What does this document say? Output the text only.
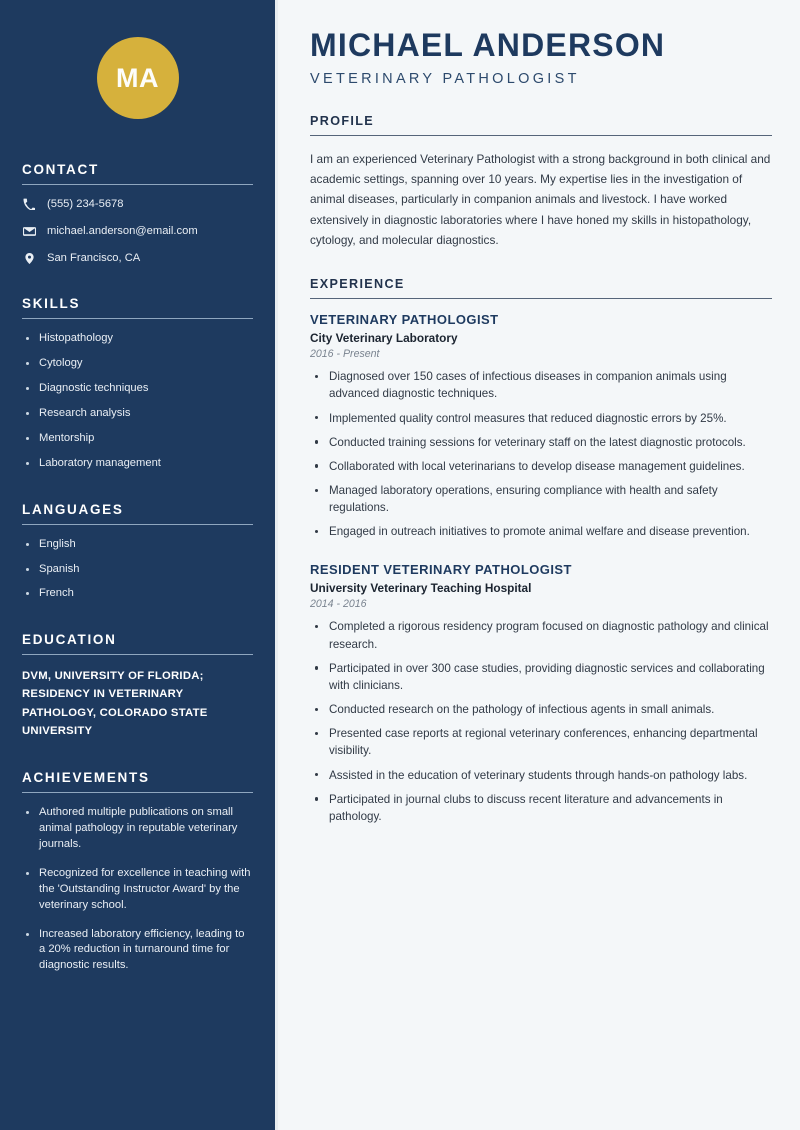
MA
CONTACT
(555) 234-5678
michael.anderson@email.com
San Francisco, CA
SKILLS
Histopathology
Cytology
Diagnostic techniques
Research analysis
Mentorship
Laboratory management
LANGUAGES
English
Spanish
French
EDUCATION
DVM, UNIVERSITY OF FLORIDA; RESIDENCY IN VETERINARY PATHOLOGY, COLORADO STATE UNIVERSITY
ACHIEVEMENTS
Authored multiple publications on small animal pathology in reputable veterinary journals.
Recognized for excellence in teaching with the 'Outstanding Instructor Award' by the veterinary school.
Increased laboratory efficiency, leading to a 20% reduction in turnaround time for diagnostic results.
MICHAEL ANDERSON
VETERINARY PATHOLOGIST
PROFILE

I am an experienced Veterinary Pathologist with a strong background in both clinical and academic settings, spanning over 10 years. My expertise lies in the investigation of animal diseases, particularly in companion animals and livestock. I have worked extensively in diagnostic laboratories where I have honed my skills in histopathology, cytology, and molecular diagnostics.

EXPERIENCE
VETERINARY PATHOLOGIST
City Veterinary Laboratory
2016 - Present
Diagnosed over 150 cases of infectious diseases in companion animals using advanced diagnostic techniques.
Implemented quality control measures that reduced diagnostic errors by 25%.
Conducted training sessions for veterinary staff on the latest diagnostic protocols.
Collaborated with local veterinarians to develop disease management guidelines.
Managed laboratory operations, ensuring compliance with health and safety regulations.
Engaged in outreach initiatives to promote animal welfare and disease prevention.
RESIDENT VETERINARY PATHOLOGIST
University Veterinary Teaching Hospital
2014 - 2016
Completed a rigorous residency program focused on diagnostic pathology and clinical research.
Participated in over 300 case studies, providing diagnostic services and collaborating with clinicians.
Conducted research on the pathology of infectious agents in small animals.
Presented case reports at regional veterinary conferences, enhancing departmental visibility.
Assisted in the education of veterinary students through hands-on pathology labs.
Participated in journal clubs to discuss recent literature and advancements in pathology.
